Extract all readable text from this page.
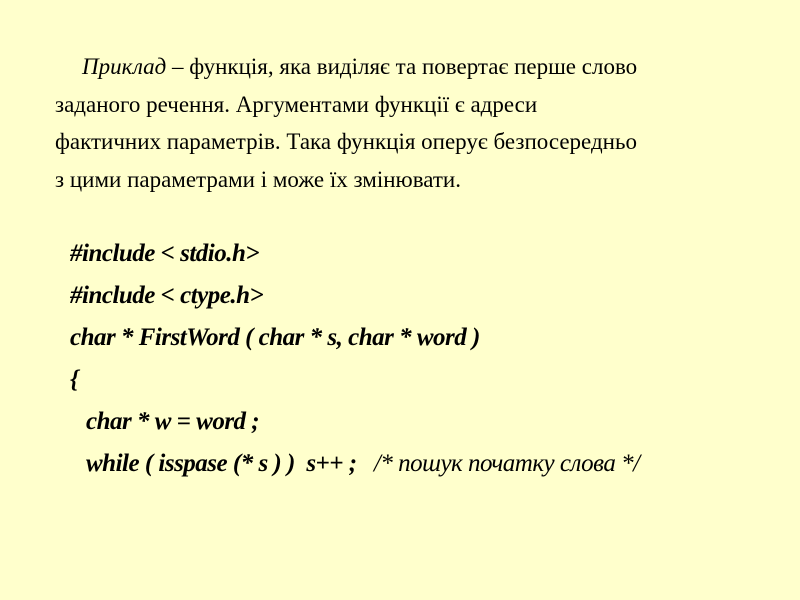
Приклад – функція, яка виділяє та повертає перше слово
заданого речення. Аргументами функції є адреси
фактичних параметрів. Така функція оперує безпосередньо
з цими параметрами і може їх змінювати.

#include < stdio.h>
#include < ctype.h>
char * FirstWord ( char * s, char * word )
{
char * w = word ;
while ( isspase (* s ) )  s++ ;   /* пошук початку слова */
